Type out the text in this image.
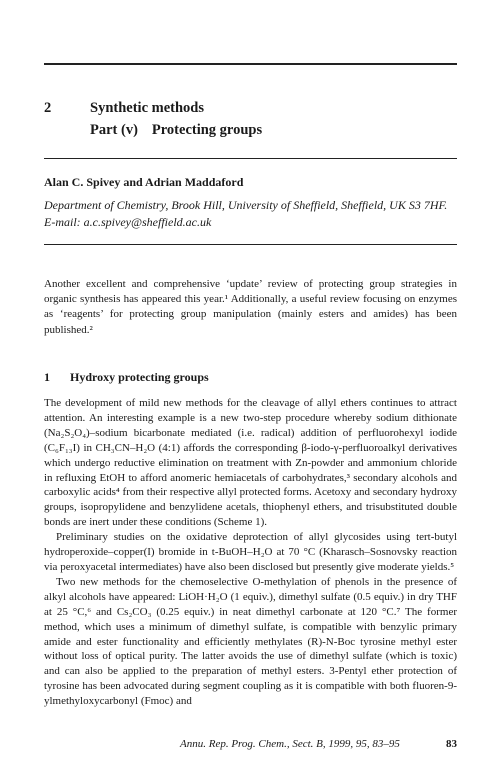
2	Synthetic methods
Part (v) Protecting groups
Alan C. Spivey and Adrian Maddaford
Department of Chemistry, Brook Hill, University of Sheffield, Sheffield, UK S3 7HF. E-mail: a.c.spivey@sheffield.ac.uk
Another excellent and comprehensive ‘update’ review of protecting group strategies in organic synthesis has appeared this year.¹ Additionally, a useful review focusing on enzymes as ‘reagents’ for protecting group manipulation (mainly esters and amides) has been published.²
1 Hydroxy protecting groups

The development of mild new methods for the cleavage of allyl ethers continues to attract attention. An interesting example is a new two-step procedure whereby sodium dithionate (Na₂S₂O₄)–sodium bicarbonate mediated (i.e. radical) addition of perfluorohexyl iodide (C₆F₁₃I) in CH₃CN–H₂O (4:1) affords the corresponding β-iodo-γ-perfluoroalkyl derivatives which undergo reductive elimination on treatment with Zn-powder and ammonium chloride in refluxing EtOH to afford anomeric hemiacetals of carbohydrates,³ secondary alcohols and carboxylic acids⁴ from their respective allyl protected forms. Acetoxy and secondary hydroxy groups, isopropylidene and benzylidene acetals, thiophenyl ethers, and trisubstituted double bonds are inert under these conditions (Scheme 1).

Preliminary studies on the oxidative deprotection of allyl glycosides using tert-butyl hydroperoxide–copper(I) bromide in t-BuOH–H₂O at 70 °C (Kharasch–Sosnovsky reaction via peroxyacetal intermediates) have also been disclosed but presently give moderate yields.⁵

Two new methods for the chemoselective O-methylation of phenols in the presence of alkyl alcohols have appeared: LiOH·H₂O (1 equiv.), dimethyl sulfate (0.5 equiv.) in dry THF at 25 °C,⁶ and Cs₂CO₃ (0.25 equiv.) in neat dimethyl carbonate at 120 °C.⁷ The former method, which uses a minimum of dimethyl sulfate, is compatible with benzylic primary amide and ester functionality and efficiently methylates (R)-N-Boc tyrosine methyl ester without loss of optical purity. The latter avoids the use of dimethyl sulfate (which is toxic) and can also be applied to the preparation of methyl esters. 3-Pentyl ether protection of tyrosine has been advocated during segment coupling as it is compatible with both fluoren-9-ylmethyloxycarbonyl (Fmoc) and

Annu. Rep. Prog. Chem., Sect. B, 1999, 95, 83–95	83
